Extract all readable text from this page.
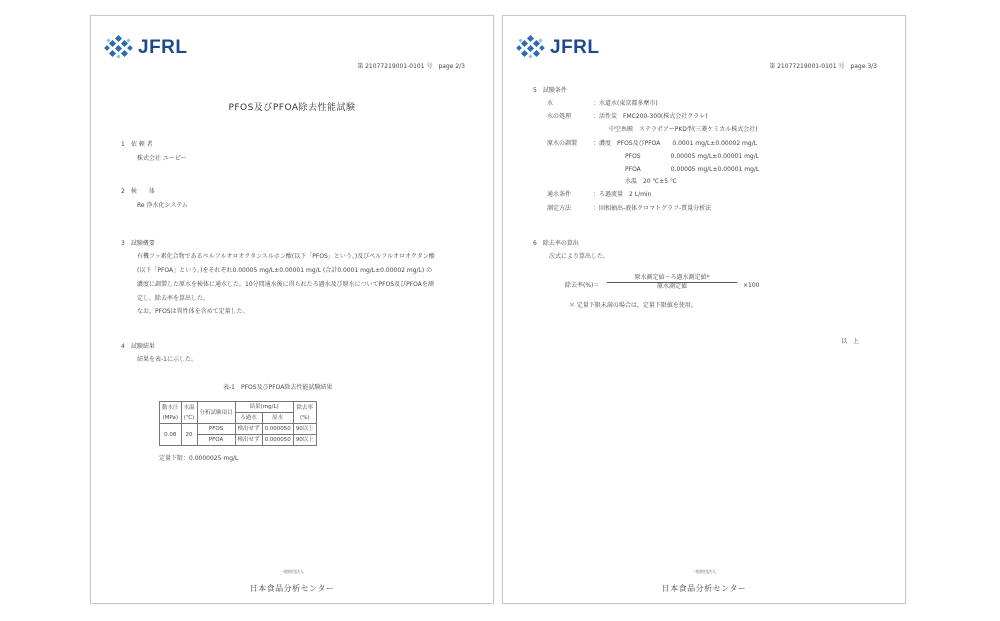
JFRL
第 21077219001-0101 号　page 2/3
PFOS及びPFOA除去性能試験
1　依 頼 者
株式会社 ユーピー
2　検　　体
Re 浄水化システム
3　試験概要
有機フッ素化合物であるペルフルオロオクタンスルホン酸(以下「PFOS」という。)及びペルフルオロオクタン酸(以下「PFOA」という。)をそれぞれ0.00005 mg/L±0.00001 mg/L (合計0.0001 mg/L±0.00002 mg/L) の濃度に調製した原水を検体に通水した。10分間通水後に得られたろ過水及び原水についてPFOS及びPFOAを測定し，除去率を算出した。
なお，PFOSは異性体を含めて定量した。
4　試験結果
結果を表-1に示した。
表-1　PFOS及びPFOA除去性能試験結果
動水圧
(MPa)	水温
(℃)	分析試験項目	結果(mg/L)		除去率
(%)
			ろ過水	原水	
0.08	20	PFOS	検出せず	0.000050	90以上
		PFOA	検出せず	0.000050	90以上
定量下限：0.0000025 mg/L
一般財団法人
日本食品分析センター
JFRL
第 21077219001-0101 号　page 3/3
5　試験条件
水	：水道水(東京都多摩市)
水の処理	：活性炭　FMC200-300(株式会社クラレ)
中空糸膜　ステラポアーPKD型(三菱ケミカル株式会社)
原水の調製	：濃度　PFOS及びPFOA　　0.0001 mg/L±0.00002 mg/L
PFOS　　　　　0.00005 mg/L±0.00001 mg/L
PFOA　　　　　0.00005 mg/L±0.00001 mg/L
水温　20 ℃±5 ℃
通水条件	：ろ過流量　2 L/min
測定方法	：固相抽出-液体クロマトグラフ-質量分析法
6　除去率の算出
次式により算出した。
除去率(%)＝
原水測定値－ろ過水測定値*
原水測定値	×100
＊ 定量下限未満の場合は，定量下限値を使用。
以　上
一般財団法人
日本食品分析センター
